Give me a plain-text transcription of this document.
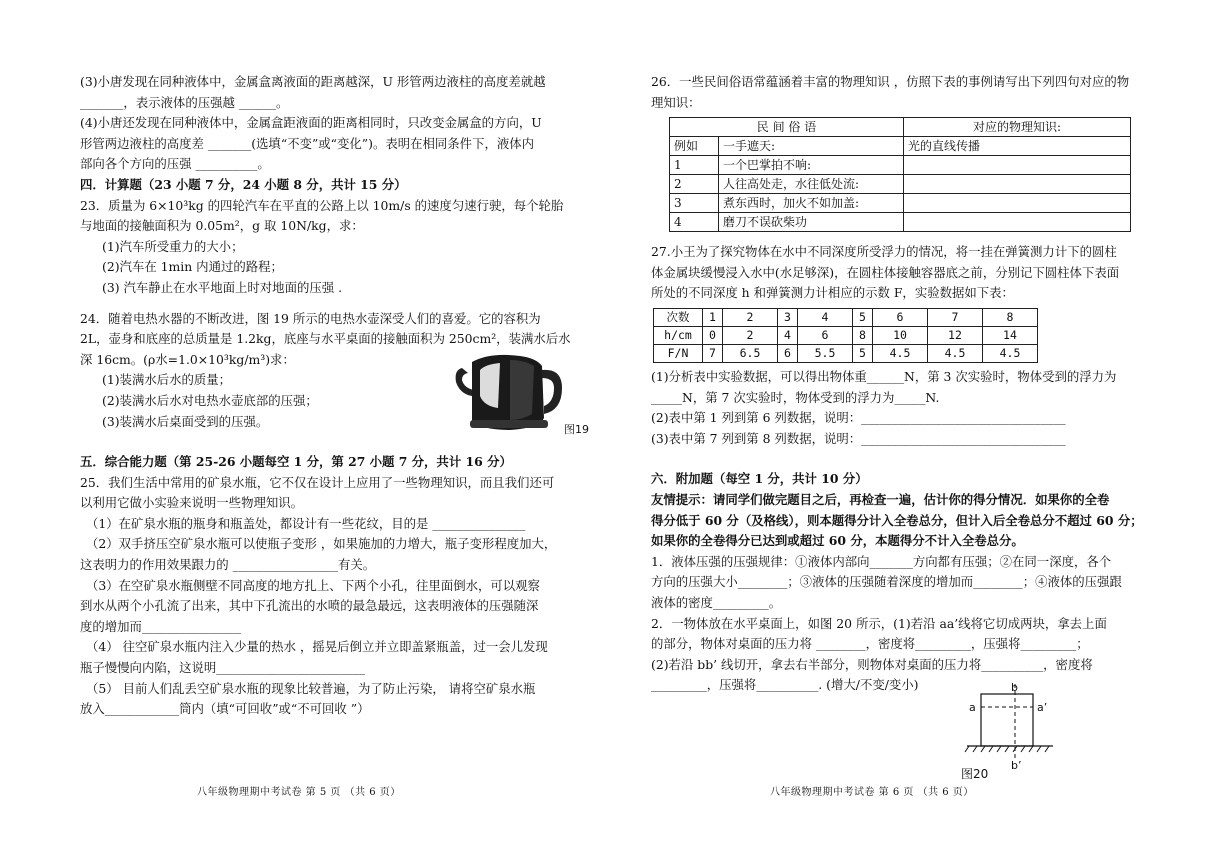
(3)小唐发现在同种液体中，金属盒离液面的距离越深，U 形管两边液柱的高度差就越
_______，表示液体的压强越 ______。
(4)小唐还发现在同种液体中，金属盒距液面的距离相同时，只改变金属盒的方向，U
形管两边液柱的高度差 _______(选填“不变”或“变化”)。表明在相同条件下，液体内
部向各个方向的压强 __________。
四．计算题（23 小题 7 分，24 小题 8 分，共计 15 分）
23．质量为 6×10³kg 的四轮汽车在平直的公路上以 10m/s 的速度匀速行驶，每个轮胎
与地面的接触面积为 0.05m²，g 取 10N/kg，求：
(1)汽车所受重力的大小；
(2)汽车在 1min 内通过的路程；
(3) 汽车静止在水平地面上时对地面的压强 .
24．随着电热水器的不断改进，图 19 所示的电热水壶深受人们的喜爱。它的容积为
2L，壶身和底座的总质量是 1.2kg，底座与水平桌面的接触面积为 250cm²，装满水后水
深 16cm。(ρ水=1.0×10³kg/m³)求：
(1)装满水后水的质量；
(2)装满水后水对电热水壶底部的压强；
(3)装满水后桌面受到的压强。
五．综合能力题（第 25-26 小题每空 1 分，第 27 小题 7 分，共计 16 分）
25．我们生活中常用的矿泉水瓶，它不仅在设计上应用了一些物理知识，而且我们还可
以利用它做小实验来说明一些物理知识。
（1）在矿泉水瓶的瓶身和瓶盖处，都设计有一些花纹，目的是 _______________
（2）双手挤压空矿泉水瓶可以使瓶子变形 ，如果施加的力增大，瓶子变形程度加大，
这表明力的作用效果跟力的 _________________有关。
（3）在空矿泉水瓶侧壁不同高度的地方扎上、下两个小孔，往里面倒水，可以观察
到水从两个小孔流了出来，其中下孔流出的水喷的最急最远，这表明液体的压强随深
度的增加而________________
（4） 往空矿泉水瓶内注入少量的热水 ，摇晃后倒立并立即盖紧瓶盖，过一会儿发现
瓶子慢慢向内陷，这说明________________________
（5） 目前人们乱丢空矿泉水瓶的现象比较普遍，为了防止污染， 请将空矿泉水瓶
放入____________筒内（填“可回收”或“不可回收 ”）
图19
26．一些民间俗语常蕴涵着丰富的物理知识 ，仿照下表的事例请写出下列四句对应的物
理知识：
民 间 俗 语		对应的物理知识:
例如	一手遮天:	光的直线传播
1	一个巴掌拍不响:	
2	人往高处走，水往低处流:	
3	煮东西时，加火不如加盖:	
4	磨刀不误砍柴功	
27.小王为了探究物体在水中不同深度所受浮力的情况，将一挂在弹簧测力计下的圆柱
体金属块缓慢浸入水中(水足够深)，在圆柱体接触容器底之前，分别记下圆柱体下表面
所处的不同深度 h 和弹簧测力计相应的示数 F，实验数据如下表：
次数	1	2	3	4	5	6	7	8
h/cm	0	2	4	6	8	10	12	14
F/N	7	6.5	6	5.5	5	4.5	4.5	4.5
(1)分析表中实验数据，可以得出物体重______N，第 3 次实验时，物体受到的浮力为
_____N，第 7 次实验时，物体受到的浮力为_____N.
(2)表中第 1 列到第 6 列数据，说明：_________________________________
(3)表中第 7 列到第 8 列数据，说明：_________________________________
六．附加题（每空 1 分，共计 10 分）
友情提示：请同学们做完题目之后，再检查一遍，估计你的得分情况．如果你的全卷
得分低于 60 分（及格线），则本题得分计入全卷总分，但计入后全卷总分不超过 60 分；
如果你的全卷得分已达到或超过 60 分，本题得分不计入全卷总分。
1．液体压强的压强规律：①液体内部向_______方向都有压强；②在同一深度，各个
方向的压强大小________；③液体的压强随着深度的增加而________；④液体的压强跟
液体的密度_________。
2．一物体放在水平桌面上，如图 20 所示，(1)若沿 aa’线将它切成两块，拿去上面
的部分，物体对桌面的压力将 ________，密度将_________，压强将_________；
(2)若沿 bb’ 线切开，拿去右半部分，则物体对桌面的压力将__________，密度将
_________，压强将__________. (增大/不变/变小)
a	a’
b
b’
图20
八年级物理期中考试卷 第 5 页 （共 6 页）	八年级物理期中考试卷 第 6 页 （共 6 页）
